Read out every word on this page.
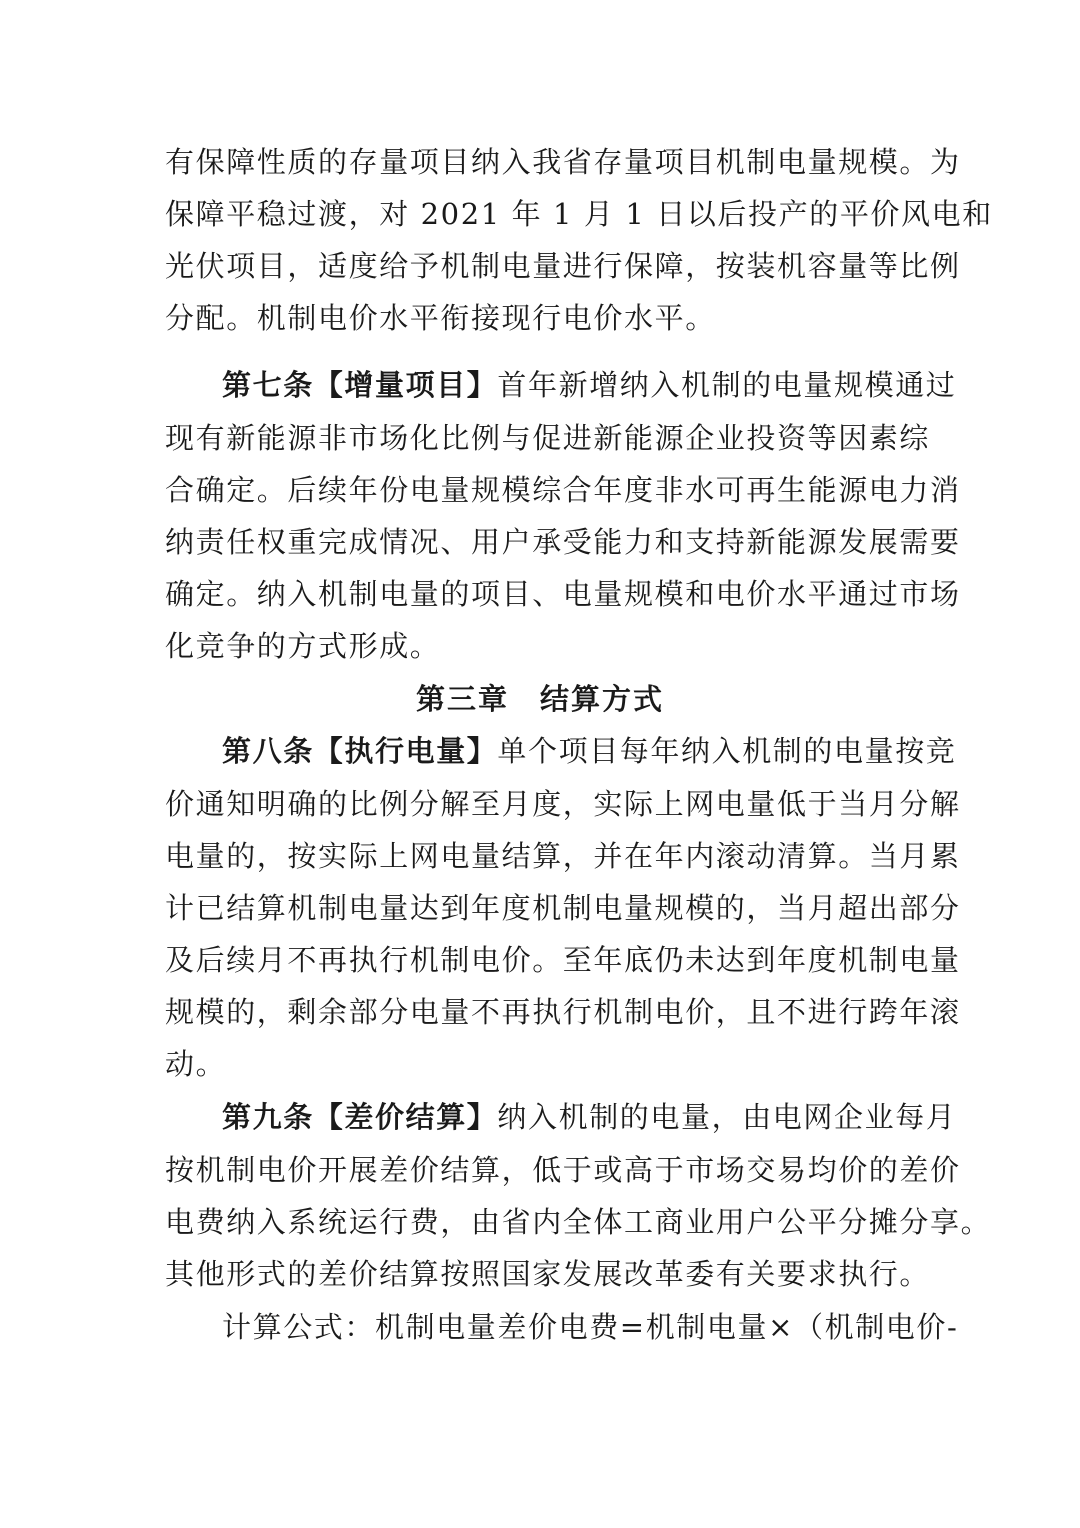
有保障性质的存量项目纳入我省存量项目机制电量规模。为
保障平稳过渡，对 2021 年 1 月 1 日以后投产的平价风电和
光伏项目，适度给予机制电量进行保障，按装机容量等比例
分配。机制电价水平衔接现行电价水平。
第七条【增量项目】首年新增纳入机制的电量规模通过
现有新能源非市场化比例与促进新能源企业投资等因素综
合确定。后续年份电量规模综合年度非水可再生能源电力消
纳责任权重完成情况、用户承受能力和支持新能源发展需要
确定。纳入机制电量的项目、电量规模和电价水平通过市场
化竞争的方式形成。
第三章　结算方式
第八条【执行电量】单个项目每年纳入机制的电量按竞
价通知明确的比例分解至月度，实际上网电量低于当月分解
电量的，按实际上网电量结算，并在年内滚动清算。当月累
计已结算机制电量达到年度机制电量规模的，当月超出部分
及后续月不再执行机制电价。至年底仍未达到年度机制电量
规模的，剩余部分电量不再执行机制电价，且不进行跨年滚
动。
第九条【差价结算】纳入机制的电量，由电网企业每月
按机制电价开展差价结算，低于或高于市场交易均价的差价
电费纳入系统运行费，由省内全体工商业用户公平分摊分享。
其他形式的差价结算按照国家发展改革委有关要求执行。
计算公式：机制电量差价电费=机制电量×（机制电价-
